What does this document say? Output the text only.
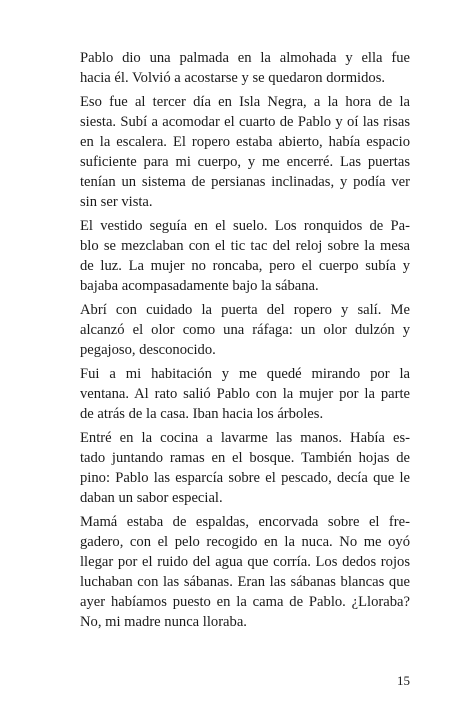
Pablo dio una palmada en la almohada y ella fue
hacia él. Volvió a acostarse y se quedaron dormidos.

Eso fue al tercer día en Isla Negra, a la hora de la
siesta. Subí a acomodar el cuarto de Pablo y oí las risas
en la escalera. El ropero estaba abierto, había espacio
suficiente para mi cuerpo, y me encerré. Las puertas
tenían un sistema de persianas inclinadas, y podía ver
sin ser vista.

El vestido seguía en el suelo. Los ronquidos de Pa-
blo se mezclaban con el tic tac del reloj sobre la mesa
de luz. La mujer no roncaba, pero el cuerpo subía y
bajaba acompasadamente bajo la sábana.

Abrí con cuidado la puerta del ropero y salí. Me
alcanzó el olor como una ráfaga: un olor dulzón y
pegajoso, desconocido.

Fui a mi habitación y me quedé mirando por la
ventana. Al rato salió Pablo con la mujer por la parte
de atrás de la casa. Iban hacia los árboles.

Entré en la cocina a lavarme las manos. Había es-
tado juntando ramas en el bosque. También hojas de
pino: Pablo las esparcía sobre el pescado, decía que le
daban un sabor especial.

Mamá estaba de espaldas, encorvada sobre el fre-
gadero, con el pelo recogido en la nuca. No me oyó
llegar por el ruido del agua que corría. Los dedos rojos
luchaban con las sábanas. Eran las sábanas blancas que
ayer habíamos puesto en la cama de Pablo. ¿Lloraba?
No, mi madre nunca lloraba.

15
